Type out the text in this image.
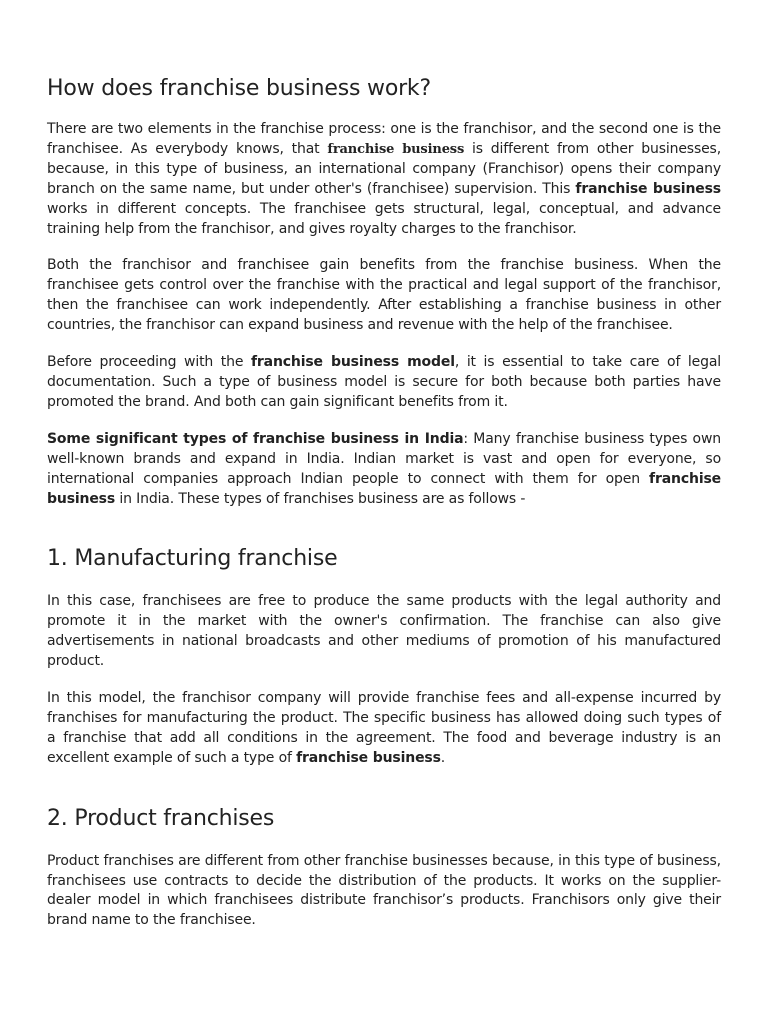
How does franchise business work?

There are two elements in the franchise process: one is the franchisor, and the second one is the franchisee. As everybody knows, that franchise business is different from other businesses, because, in this type of business, an international company (Franchisor) opens their company branch on the same name, but under other's (franchisee) supervision. This franchise business works in different concepts. The franchisee gets structural, legal, conceptual, and advance training help from the franchisor, and gives royalty charges to the franchisor.

Both the franchisor and franchisee gain benefits from the franchise business. When the franchisee gets control over the franchise with the practical and legal support of the franchisor, then the franchisee can work independently. After establishing a franchise business in other countries, the franchisor can expand business and revenue with the help of the franchisee.

Before proceeding with the franchise business model, it is essential to take care of legal documentation. Such a type of business model is secure for both because both parties have promoted the brand. And both can gain significant benefits from it.

Some significant types of franchise business in India: Many franchise business types own well-known brands and expand in India. Indian market is vast and open for everyone, so international companies approach Indian people to connect with them for open franchise business in India. These types of franchises business are as follows -

1. Manufacturing franchise

In this case, franchisees are free to produce the same products with the legal authority and promote it in the market with the owner's confirmation. The franchise can also give advertisements in national broadcasts and other mediums of promotion of his manufactured product.

In this model, the franchisor company will provide franchise fees and all-expense incurred by franchises for manufacturing the product. The specific business has allowed doing such types of a franchise that add all conditions in the agreement. The food and beverage industry is an excellent example of such a type of franchise business.

2. Product franchises

Product franchises are different from other franchise businesses because, in this type of business, franchisees use contracts to decide the distribution of the products. It works on the supplier-dealer model in which franchisees distribute franchisor’s products. Franchisors only give their brand name to the franchisee.
